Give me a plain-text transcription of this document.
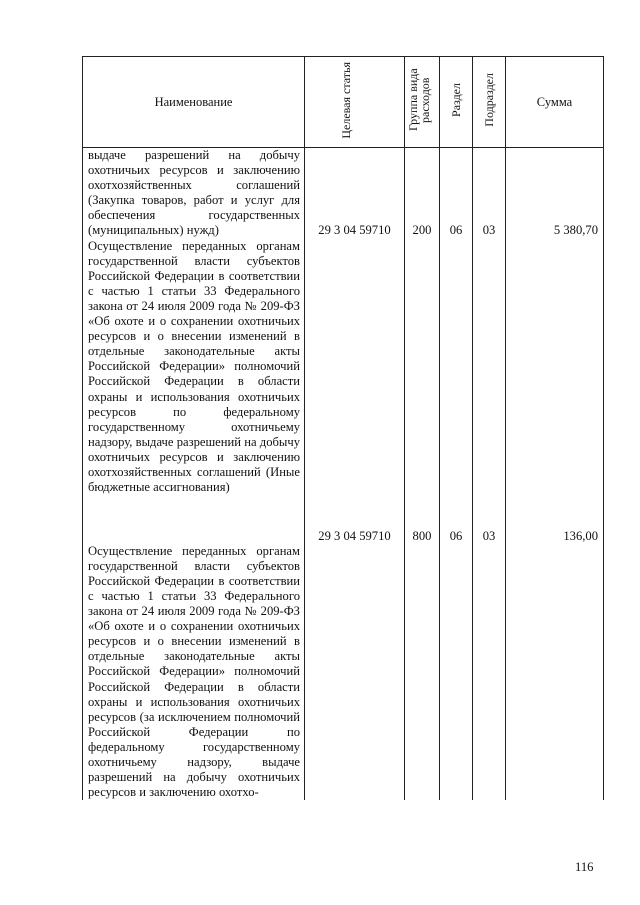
Наименование	Целевая статья	Группа вида расходов	Раздел	Подраздел	Сумма

выдаче разрешений на добычу охотничьих ресурсов и заключению охотхозяйственных соглашений (Закупка товаров, работ и услуг для обеспечения государственных (муниципальных) нужд)	29 3 04 59710	200	06	03	5 380,70

Осуществление переданных органам государственной власти субъектов Российской Федерации в соответствии с частью 1 статьи 33 Федерального закона от 24 июля 2009 года № 209-ФЗ «Об охоте и о сохранении охотничьих ресурсов и о внесении изменений в отдельные законодательные акты Российской Федерации» полномочий Российской Федерации в области охраны и использования охотничьих ресурсов по федеральному государственному охотничьему надзору, выдаче разрешений на добычу охотничьих ресурсов и заключению охотхозяйственных соглашений (Иные бюджетные ассигнования)	29 3 04 59710	800	06	03	136,00

Осуществление переданных органам государственной власти субъектов Российской Федерации в соответствии с частью 1 статьи 33 Федерального закона от 24 июля 2009 года № 209-ФЗ «Об охоте и о сохранении охотничьих ресурсов и о внесении изменений в отдельные законодательные акты Российской Федерации» полномочий Российской Федерации в области охраны и использования охотничьих ресурсов (за исключением полномочий Российской Федерации по федеральному государственному охотничьему надзору, выдаче разрешений на добычу охотничьих ресурсов и заключению охотхо-					

116
